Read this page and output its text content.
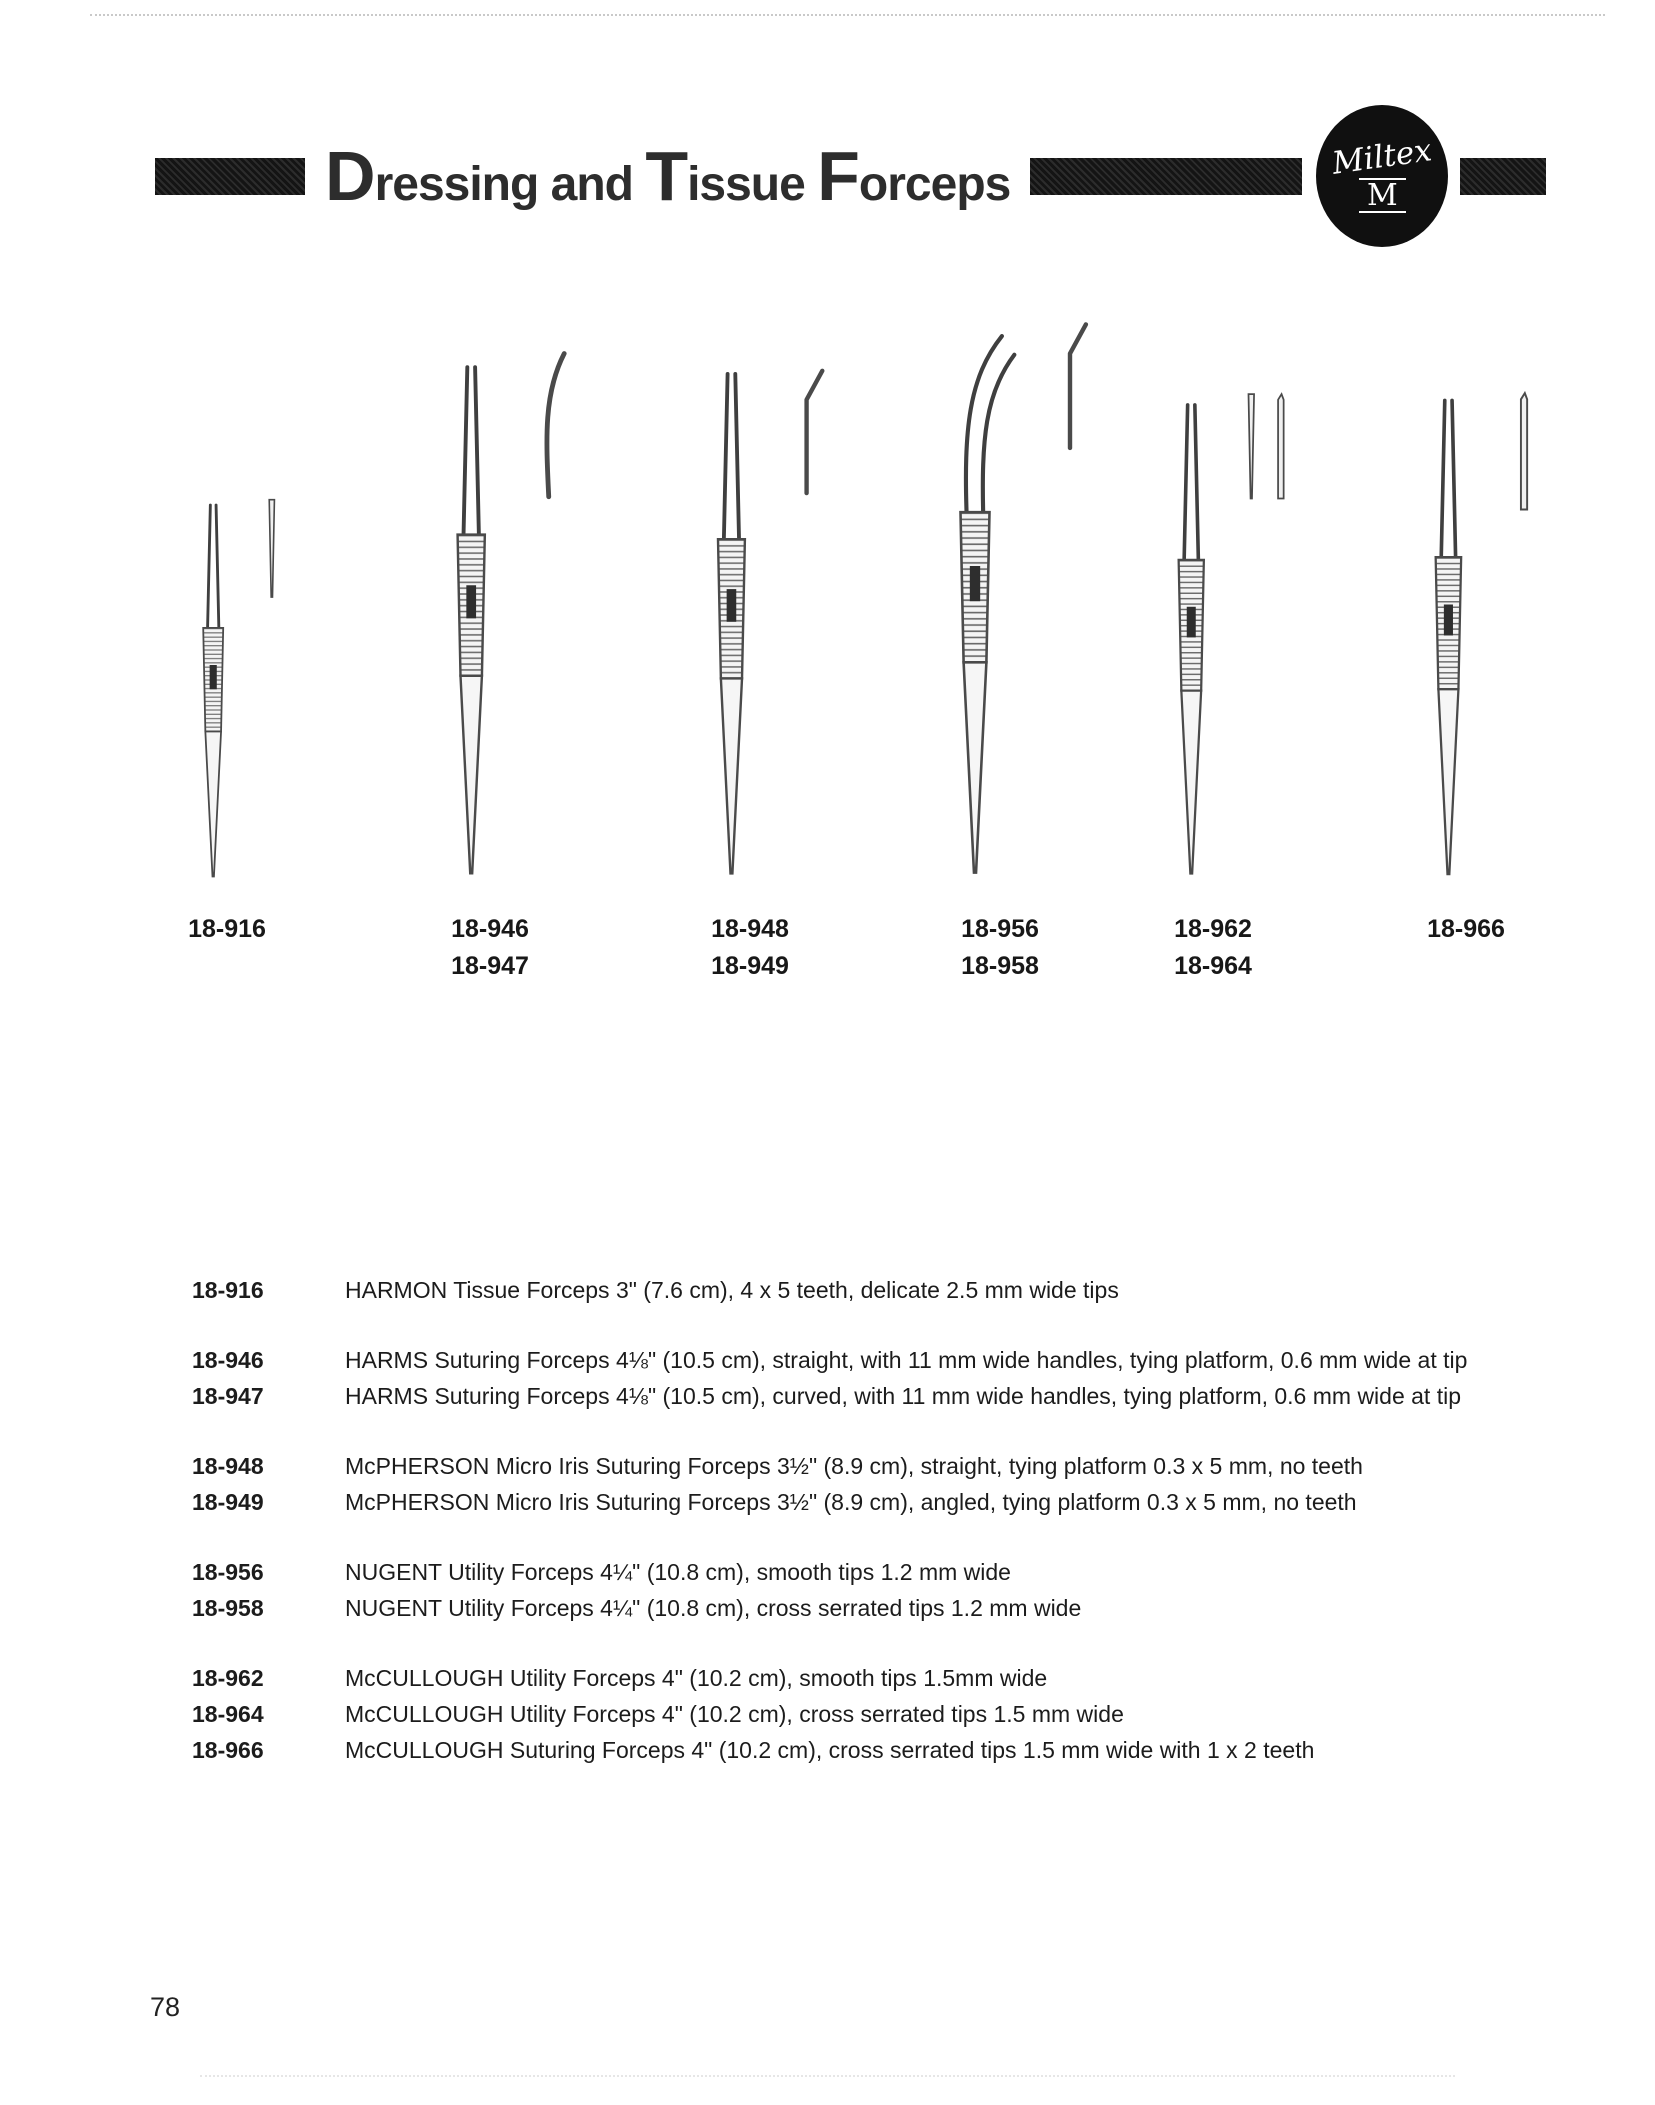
Dressing and Tissue Forceps
Miltex
M
18-916	18-946
18-947
18-948
18-949
18-956
18-958
18-962
18-964
18-966
18-916	HARMON Tissue Forceps 3" (7.6 cm), 4 x 5 teeth, delicate 2.5 mm wide tips
18-946	HARMS Suturing Forceps 4⅛" (10.5 cm), straight, with 11 mm wide handles, tying platform, 0.6 mm wide at tip
18-947	HARMS Suturing Forceps 4⅛" (10.5 cm), curved, with 11 mm wide handles, tying platform, 0.6 mm wide at tip
18-948	McPHERSON Micro Iris Suturing Forceps 3½" (8.9 cm), straight, tying platform 0.3 x 5 mm, no teeth
18-949	McPHERSON Micro Iris Suturing Forceps 3½" (8.9 cm), angled, tying platform 0.3 x 5 mm, no teeth
18-956	NUGENT Utility Forceps 4¼" (10.8 cm), smooth tips 1.2 mm wide
18-958	NUGENT Utility Forceps 4¼" (10.8 cm), cross serrated tips 1.2 mm wide
18-962	McCULLOUGH Utility Forceps 4" (10.2 cm), smooth tips 1.5mm wide
18-964	McCULLOUGH Utility Forceps 4" (10.2 cm), cross serrated tips 1.5 mm wide
18-966	McCULLOUGH Suturing Forceps 4" (10.2 cm), cross serrated tips 1.5 mm wide with 1 x 2 teeth
78
